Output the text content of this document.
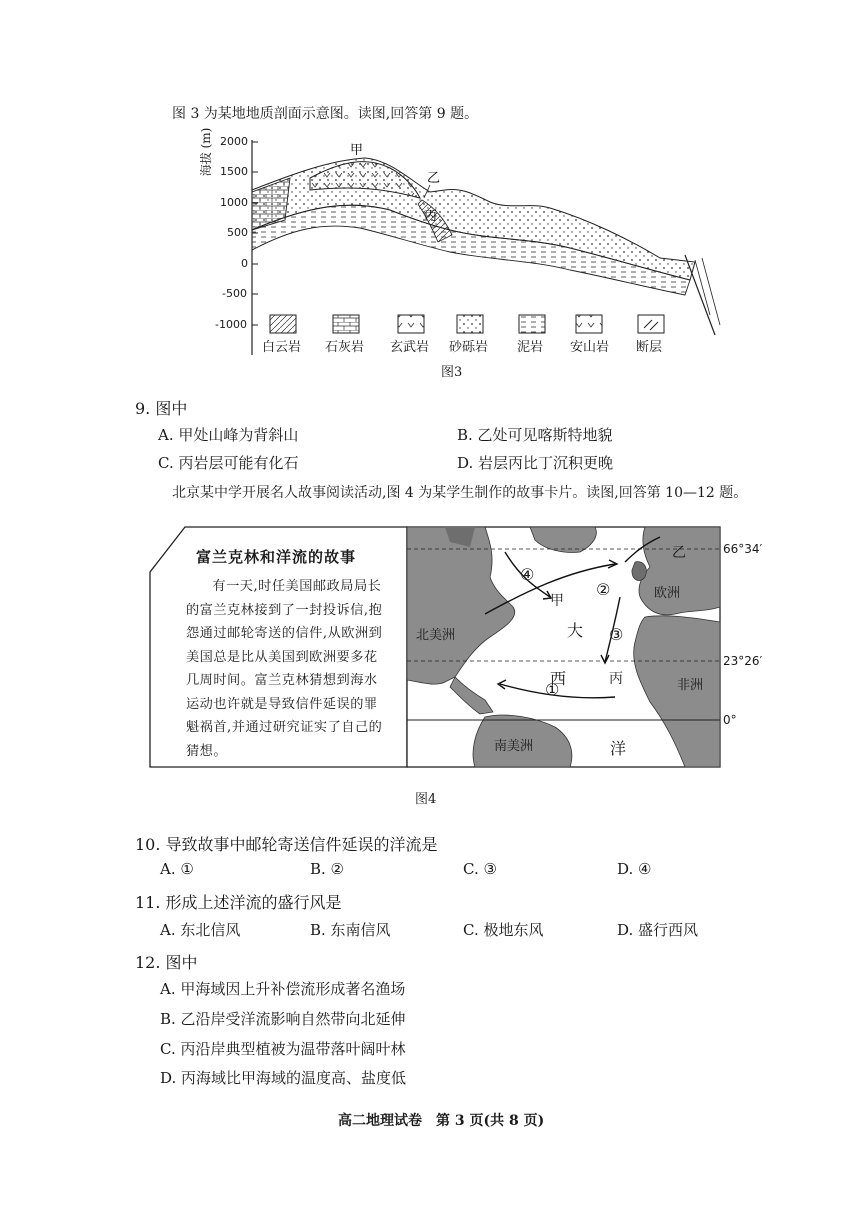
图 3 为某地地质剖面示意图。读图,回答第 9 题。
甲
乙
丙
海拔 (m) 2000
1500
1000
500
0
-500
-1000
白云岩 石灰岩 玄武岩 砂砾岩 泥岩 安山岩 断层
图3
9. 图中
A. 甲处山峰为背斜山	B. 乙处可见喀斯特地貌
C. 丙岩层可能有化石	D. 岩层丙比丁沉积更晚
北京某中学开展名人故事阅读活动,图 4 为某学生制作的故事卡片。读图,回答第 10—12 题。
富兰克林和洋流的故事
有一天,时任美国邮政局局长的富兰克林接到了一封投诉信,抱怨通过邮轮寄送的信件,从欧洲到美国总是比从美国到欧洲要多花几周时间。富兰克林猜想到海水运动也许就是导致信件延误的罪魁祸首,并通过研究证实了自己的猜想。
北美洲
欧洲
非洲
南美洲
大
西
洋
甲
乙
丙
①
②
③
④
66°34′
23°26′
0°
图4
10. 导致故事中邮轮寄送信件延误的洋流是
A. ①	B. ②	C. ③	D. ④
11. 形成上述洋流的盛行风是
A. 东北信风	B. 东南信风	C. 极地东风	D. 盛行西风
12. 图中
A. 甲海域因上升补偿流形成著名渔场
B. 乙沿岸受洋流影响自然带向北延伸
C. 丙沿岸典型植被为温带落叶阔叶林
D. 丙海域比甲海域的温度高、盐度低
高二地理试卷　第 3 页(共 8 页)
